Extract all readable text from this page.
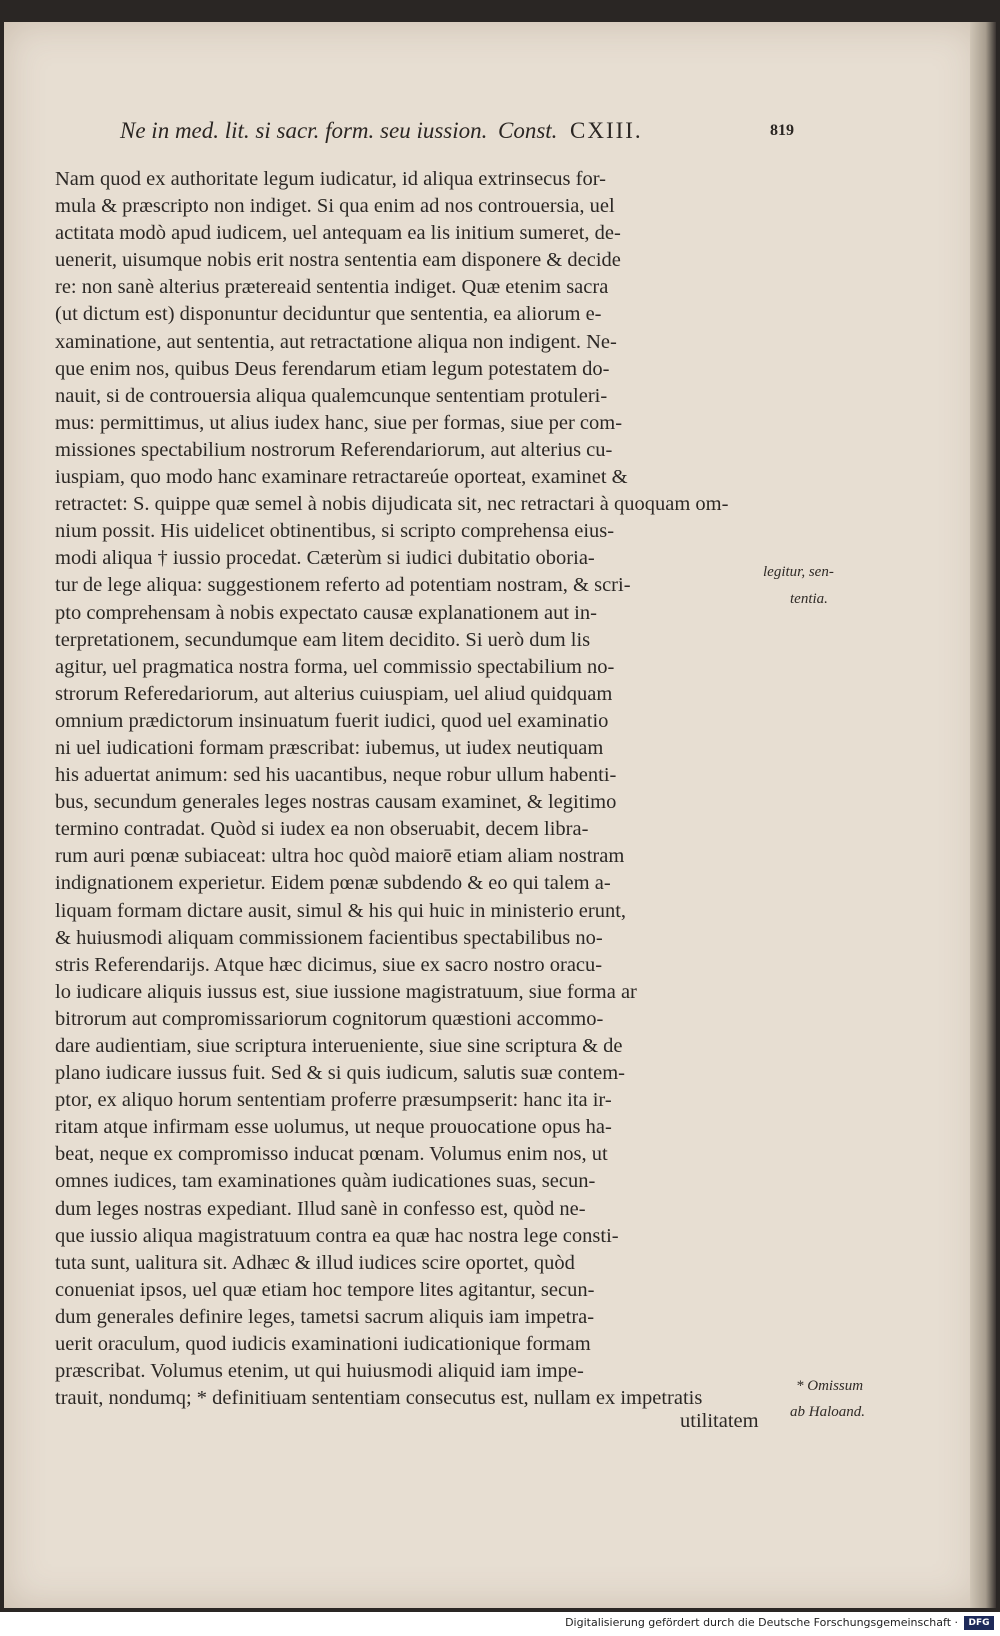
Ne in med. lit. si sacr. form. seu iussion. Const. CXIII.	819
Nam quod ex authoritate legum iudicatur, id aliqua extrinsecus for-
mula & præscripto non indiget. Si qua enim ad nos controuersia, uel
actitata modò apud iudicem, uel antequam ea lis initium sumeret, de-
uenerit, uisumque nobis erit nostra sententia eam disponere & decide
re: non sanè alterius prætereaid sententia indiget. Quæ etenim sacra
(ut dictum est) disponuntur deciduntur que sententia, ea aliorum e-
xaminatione, aut sententia, aut retractatione aliqua non indigent. Ne-
que enim nos, quibus Deus ferendarum etiam legum potestatem do-
nauit, si de controuersia aliqua qualemcunque sententiam protuleri-
mus: permittimus, ut alius iudex hanc, siue per formas, siue per com-
missiones spectabilium nostrorum Referendariorum, aut alterius cu-
iuspiam, quo modo hanc examinare retractareúe oporteat, examinet &
retractet: S. quippe quæ semel à nobis dijudicata sit, nec retractari à quoquam om-
nium possit. His uidelicet obtinentibus, si scripto comprehensa eius-
modi aliqua † iussio procedat. Cæterùm si iudici dubitatio oboria-
tur de lege aliqua: suggestionem referto ad potentiam nostram, & scri-
pto comprehensam à nobis expectato causæ explanationem aut in-
terpretationem, secundumque eam litem decidito. Si uerò dum lis
agitur, uel pragmatica nostra forma, uel commissio spectabilium no-
strorum Referedariorum, aut alterius cuiuspiam, uel aliud quidquam
omnium prædictorum insinuatum fuerit iudici, quod uel examinatio
ni uel iudicationi formam præscribat: iubemus, ut iudex neutiquam
his aduertat animum: sed his uacantibus, neque robur ullum habenti-
bus, secundum generales leges nostras causam examinet, & legitimo
termino contradat. Quòd si iudex ea non obseruabit, decem libra-
rum auri pœnæ subiaceat: ultra hoc quòd maiorē etiam aliam nostram
indignationem experietur. Eidem pœnæ subdendo & eo qui talem a-
liquam formam dictare ausit, simul & his qui huic in ministerio erunt,
& huiusmodi aliquam commissionem facientibus spectabilibus no-
stris Referendarijs. Atque hæc dicimus, siue ex sacro nostro oracu-
lo iudicare aliquis iussus est, siue iussione magistratuum, siue forma ar
bitrorum aut compromissariorum cognitorum quæstioni accommo-
dare audientiam, siue scriptura interueniente, siue sine scriptura & de
plano iudicare iussus fuit. Sed & si quis iudicum, salutis suæ contem-
ptor, ex aliquo horum sententiam proferre præsumpserit: hanc ita ir-
ritam atque infirmam esse uolumus, ut neque prouocatione opus ha-
beat, neque ex compromisso inducat pœnam. Volumus enim nos, ut
omnes iudices, tam examinationes quàm iudicationes suas, secun-
dum leges nostras expediant. Illud sanè in confesso est, quòd ne-
que iussio aliqua magistratuum contra ea quæ hac nostra lege consti-
tuta sunt, ualitura sit. Adhæc & illud iudices scire oportet, quòd
conueniat ipsos, uel quæ etiam hoc tempore lites agitantur, secun-
dum generales definire leges, tametsi sacrum aliquis iam impetra-
uerit oraculum, quod iudicis examinationi iudicationique formam
præscribat. Volumus etenim, ut qui huiusmodi aliquid iam impe-
trauit, nondumq; * definitiuam sententiam consecutus est, nullam ex impetratis
utilitatem
legitur, sen-
tentia.
* Omissum
ab Haloand.
Digitalisierung gefördert durch die Deutsche Forschungsgemeinschaft ·	DFG
